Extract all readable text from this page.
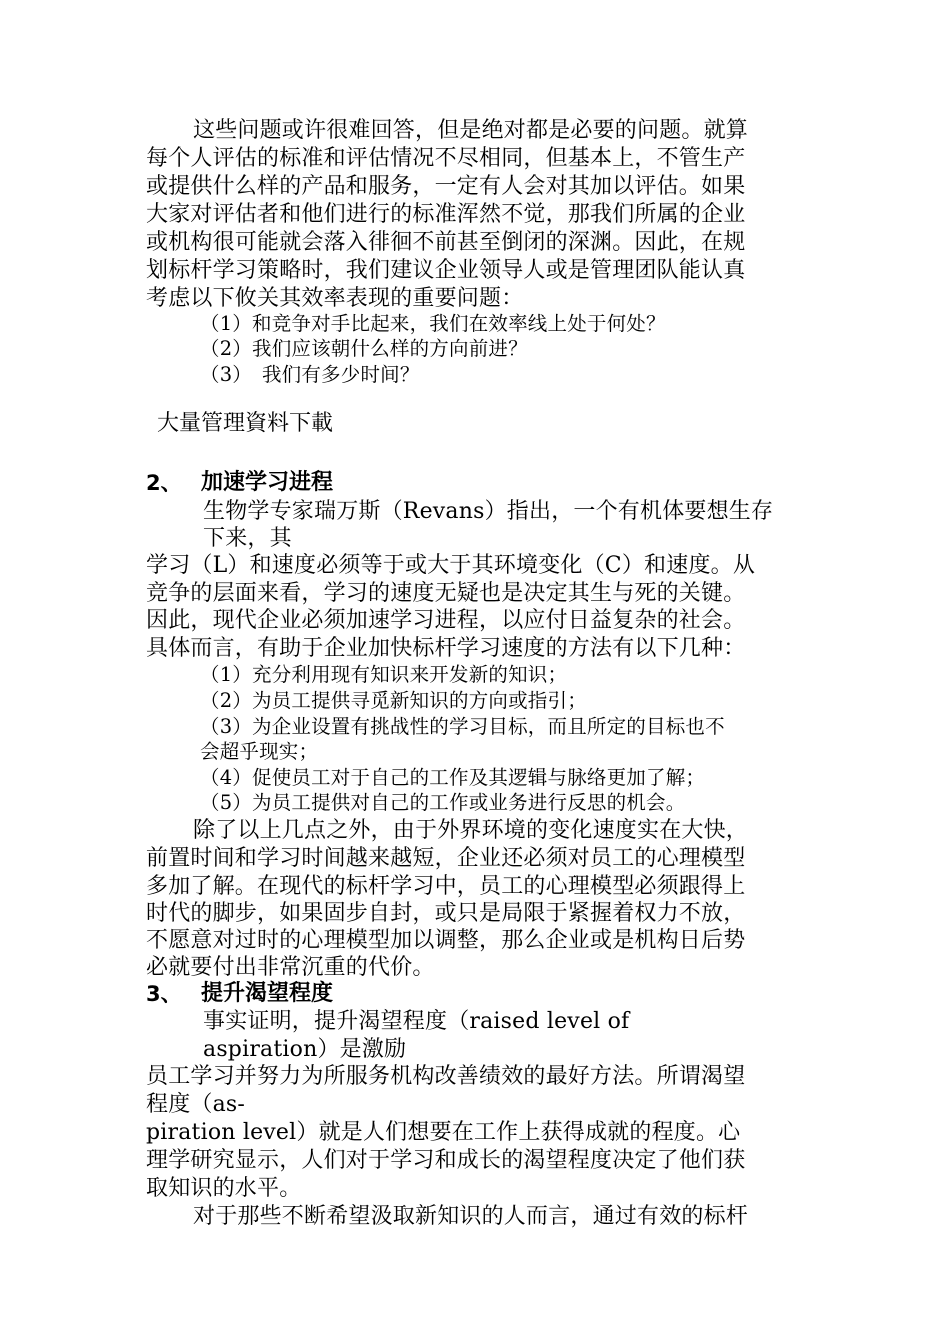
这些问题或许很难回答，但是绝对都是必要的问题。就算
每个人评估的标准和评估情况不尽相同，但基本上，不管生产
或提供什么样的产品和服务，一定有人会对其加以评估。如果
大家对评估者和他们进行的标准浑然不觉，那我们所属的企业
或机构很可能就会落入徘徊不前甚至倒闭的深渊。因此，在规
划标杆学习策略时，我们建议企业领导人或是管理团队能认真
考虑以下攸关其效率表现的重要问题：
（1）和竞争对手比起来，我们在效率线上处于何处？
（2）我们应该朝什么样的方向前进？
（3）　我们有多少时间？
大量管理資料下載
2、 加速学习进程
生物学专家瑞万斯（Revans）指出，一个有机体要想生存
下来，其
学习（L）和速度必须等于或大于其环境变化（C）和速度。从
竞争的层面来看，学习的速度无疑也是决定其生与死的关键。
因此，现代企业必须加速学习进程，以应付日益复杂的社会。
具体而言，有助于企业加快标杆学习速度的方法有以下几种：
（1）充分利用现有知识来开发新的知识；
（2）为员工提供寻觅新知识的方向或指引；
（3）为企业设置有挑战性的学习目标，而且所定的目标也不
会超乎现实；
（4）促使员工对于自己的工作及其逻辑与脉络更加了解；
（5）为员工提供对自己的工作或业务进行反思的机会。
除了以上几点之外，由于外界环境的变化速度实在大快，
前置时间和学习时间越来越短，企业还必须对员工的心理模型
多加了解。在现代的标杆学习中，员工的心理模型必须跟得上
时代的脚步，如果固步自封，或只是局限于紧握着权力不放，
不愿意对过时的心理模型加以调整，那么企业或是机构日后势
必就要付出非常沉重的代价。
3、 提升渴望程度
事实证明，提升渴望程度（raised level of
aspiration）是激励
员工学习并努力为所服务机构改善绩效的最好方法。所谓渴望
程度（as-
piration level）就是人们想要在工作上获得成就的程度。心
理学研究显示，人们对于学习和成长的渴望程度决定了他们获
取知识的水平。
对于那些不断希望汲取新知识的人而言，通过有效的标杆
